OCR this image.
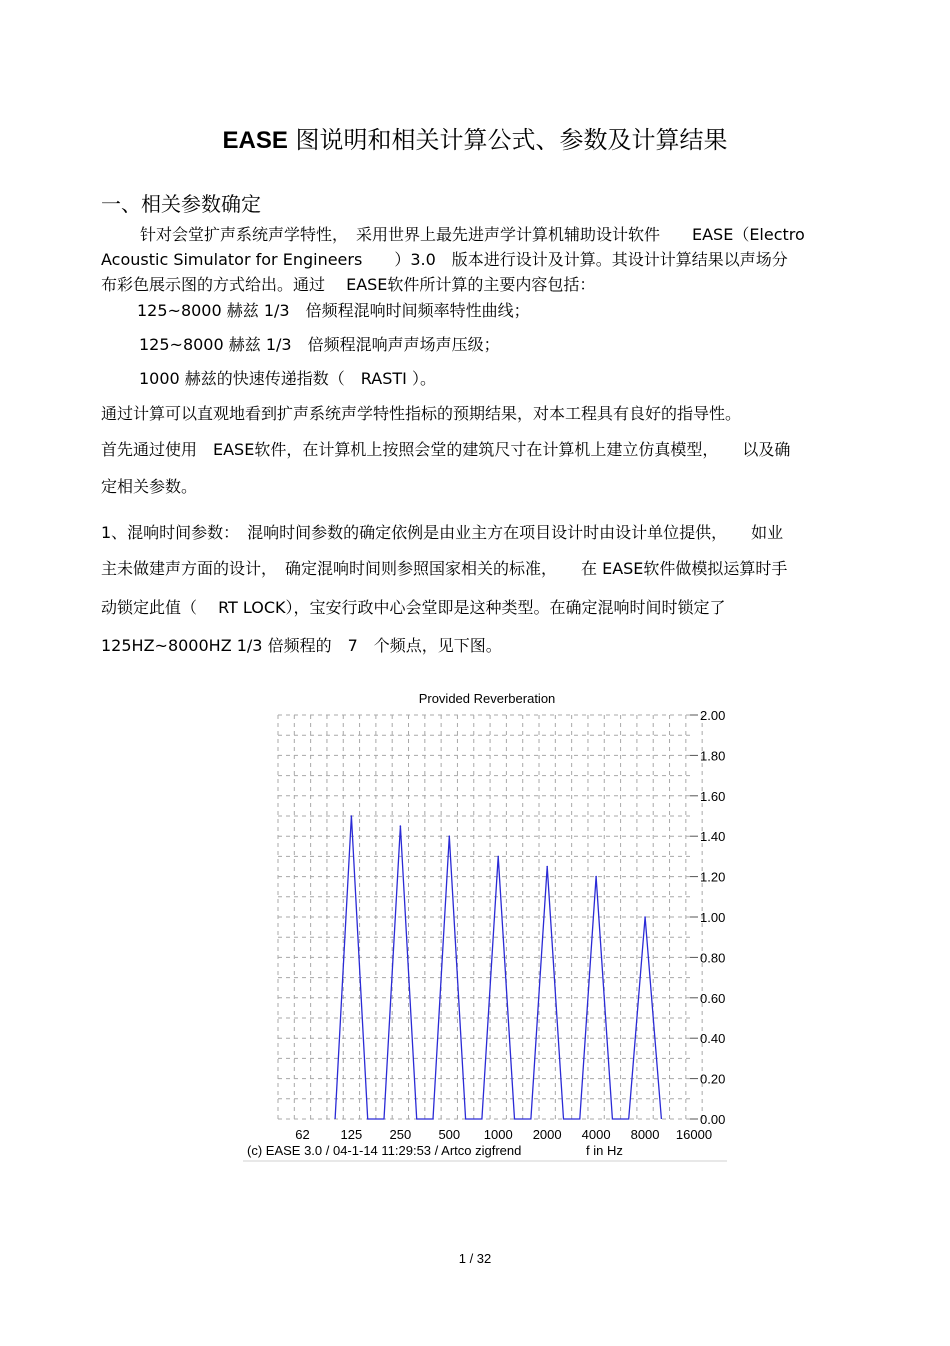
EASE 图说明和相关计算公式、参数及计算结果
一、相关参数确定
针对会堂扩声系统声学特性，　采用世界上最先进声学计算机辅助设计软件　　EASE（Electro
Acoustic Simulator for Engineers　　）3.0　版本进行设计及计算。其设计计算结果以声场分
布彩色展示图的方式给出。通过　 EASE软件所计算的主要内容包括：
125~8000 赫兹 1/3　倍频程混响时间频率特性曲线；
125~8000 赫兹 1/3　倍频程混响声声场声压级；
1000 赫兹的快速传递指数（　RASTI ）。
通过计算可以直观地看到扩声系统声学特性指标的预期结果，对本工程具有良好的指导性。
首先通过使用　EASE软件，在计算机上按照会堂的建筑尺寸在计算机上建立仿真模型，　　以及确
定相关参数。
1、混响时间参数：　混响时间参数的确定依例是由业主方在项目设计时由设计单位提供，　　如业
主未做建声方面的设计，　确定混响时间则参照国家相关的标准，　　在 EASE软件做模拟运算时手
动锁定此值（　 RT LOCK），宝安行政中心会堂即是这种类型。在确定混响时间时锁定了
125HZ~8000HZ 1/3 倍频程的　7　个频点，见下图。
Provided Reverberation
0.00
0.20
0.40
0.60
0.80
1.00
1.20
1.40
1.60
1.80
2.00
62 125 250 500 1000 2000 4000 8000 16000
(c) EASE 3.0 / 04-1-14 11:29:53 / Artco zigfrend	f in Hz
1 / 32
